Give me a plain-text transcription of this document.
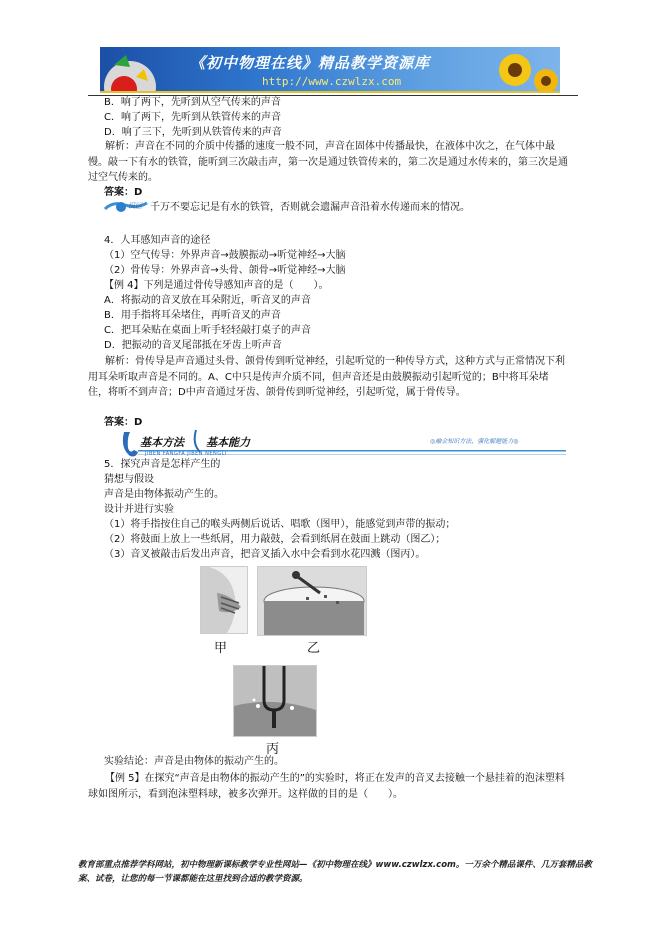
《初中物理在线》精品教学资源库
http://www.czwlzx.com
B．响了两下，先听到从空气传来的声音
C．响了两下，先听到从铁管传来的声音
D．响了三下，先听到从铁管传来的声音
解析：声音在不同的介质中传播的速度一般不同，声音在固体中传播最快，在液体中次之，在气体中最慢。敲一下有水的铁管，能听到三次敲击声，第一次是通过铁管传来的，第二次是通过水传来的，第三次是通过空气传来的。
答案：D
误区 千万不要忘记是有水的铁管，否则就会遗漏声音沿着水传递而来的情况。
4．人耳感知声音的途径
（1）空气传导：外界声音→鼓膜振动→听觉神经→大脑
（2）骨传导：外界声音→头骨、颌骨→听觉神经→大脑
【例 4】下列是通过骨传导感知声音的是（　　）。
A．将振动的音叉放在耳朵附近，听音叉的声音
B．用手指将耳朵堵住，再听音叉的声音
C．把耳朵贴在桌面上听手轻轻敲打桌子的声音
D．把振动的音叉尾部抵在牙齿上听声音
解析：骨传导是声音通过头骨、颌骨传到听觉神经，引起听觉的一种传导方式，这种方式与正常情况下利用耳朵听取声音是不同的。A、C中只是传声介质不同，但声音还是由鼓膜振动引起听觉的；B中将耳朵堵住，将听不到声音；D中声音通过牙齿、颌骨传到听觉神经，引起听觉，属于骨传导。
答案：D
基本方法 基本能力
JIBEN FANGFA JIBEN NENGLI
◎融会知识方法，强化解题能力◎
5．探究声音是怎样产生的
猜想与假设
声音是由物体振动产生的。
设计并进行实验
（1）将手指按住自己的喉头两侧后说话、唱歌（图甲），能感觉到声带的振动；
（2）将鼓面上放上一些纸屑，用力敲鼓，会看到纸屑在鼓面上跳动（图乙）；
（3）音叉被敲击后发出声音，把音叉插入水中会看到水花四溅（图丙）。
甲	乙
丙
实验结论：声音是由物体的振动产生的。
【例 5】在探究“声音是由物体的振动产生的”的实验时，将正在发声的音叉去接触一个悬挂着的泡沫塑料球如图所示，看到泡沫塑料球，被多次弹开。这样做的目的是（　　）。
教育部重点推荐学科网站，初中物理新课标教学专业性网站—《初中物理在线》www.czwlzx.com。一万余个精品课件、几万套精品教案、试卷，让您的每一节课都能在这里找到合适的教学资源。
